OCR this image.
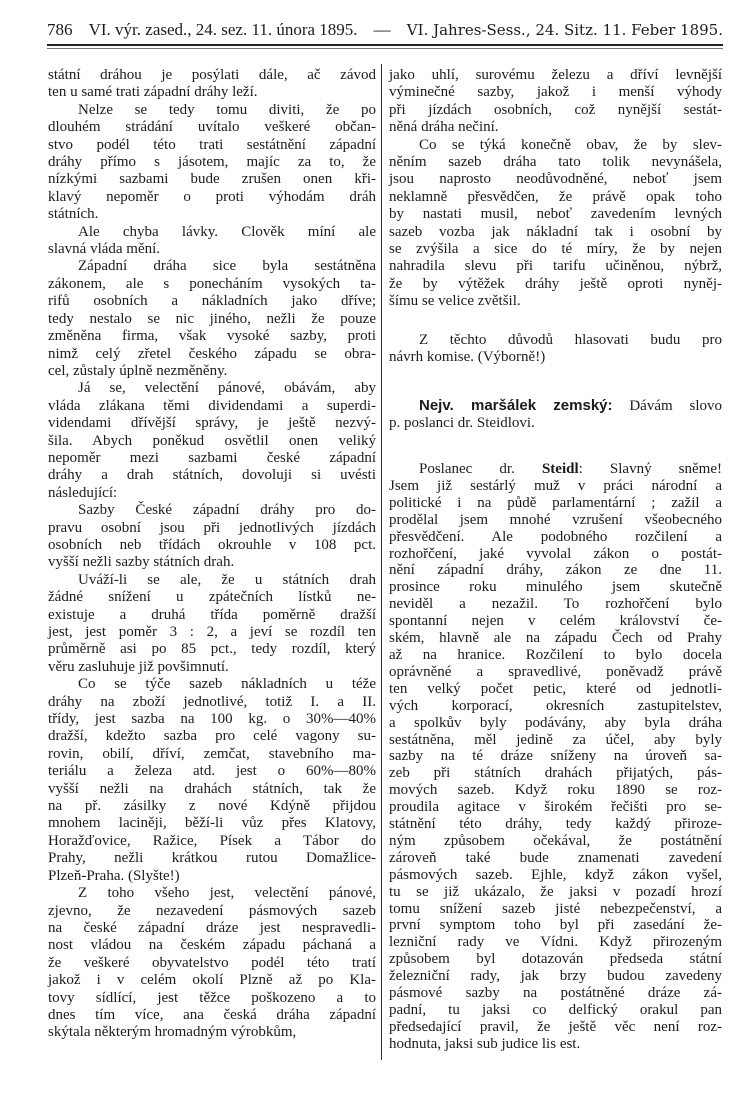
786 VI. výr. zased., 24. sez. 11. února 1895. — VI. Jahres-Sess., 24. Sitz. 11. Feber 1895.
státní dráhou je posýlati dále, ač závod
ten u samé trati západní dráhy leží.
Nelze se tedy tomu diviti, že po
dlouhém strádání uvítalo veškeré občan-
stvo podél této trati sestátnění západní
dráhy přímo s jásotem, majíc za to, že
nízkými sazbami bude zrušen onen kři-
klavý nepoměr o proti výhodám dráh
státních.
Ale chyba lávky. Clověk míní ale
slavná vláda mění.
Západní dráha sice byla sestátněna
zákonem, ale s ponecháním vysokých ta-
rifů osobních a nákladních jako dříve;
tedy nestalo se nic jiného, nežli že pouze
změněna firma, však vysoké sazby, proti
nimž celý zřetel českého západu se obra-
cel, zůstaly úplně nezměněny.
Já se, velectění pánové, obávám, aby
vláda zlákana těmi dividendami a superdi-
videndami dřívější správy, je ještě nezvý-
šila. Abych poněkud osvětlil onen veliký
nepoměr mezi sazbami české západní
dráhy a drah státních, dovoluji si uvésti
následující:
Sazby České západní dráhy pro do-
pravu osobní jsou při jednotlivých jízdách
osobních neb třídách okrouhle v 108 pct.
vyšší nežli sazby státních drah.
Uváží-li se ale, že u státních drah
žádné snížení u zpátečních lístků ne-
existuje a druhá třída poměrně dražší
jest, jest poměr 3 : 2, a jeví se rozdíl ten
průměrně asi po 85 pct., tedy rozdíl, který
věru zasluhuje již povšimnutí.
Co se týče sazeb nákladních u téže
dráhy na zboží jednotlivé, totiž I. a II.
třídy, jest sazba na 100 kg. o 30%—40%
dražší, kdežto sazba pro celé vagony su-
rovin, obilí, dříví, zemčat, stavebního ma-
teriálu a železa atd. jest o 60%—80%
vyšší nežli na drahách státních, tak že
na př. zásilky z nové Kdýně přijdou
mnohem laciněji, běží-li vůz přes Klatovy,
Horažďovice, Ražice, Písek a Tábor do
Prahy, nežli krátkou rutou Domažlice-
Plzeň-Praha. (Slyšte!)
Z toho všeho jest, velectění pánové,
zjevno, že nezavedení pásmových sazeb
na české západní dráze jest nespravedli-
nost vládou na českém západu páchaná a
že veškeré obyvatelstvo podél této tratí
jakož i v celém okolí Plzně až po Kla-
tovy sídlící, jest těžce poškozeno a to
dnes tím více, ana česká dráha západní
skýtala některým hromadným výrobkům,
jako uhlí, surovému železu a dříví levnější
výminečné sazby, jakož i menší výhody
při jízdách osobních, což nynější sestát-
něná dráha nečiní.
Co se týká konečně obav, že by slev-
něním sazeb dráha tato tolik nevynášela,
jsou naprosto neodůvodněné, neboť jsem
neklamně přesvědčen, že právě opak toho
by nastati musil, neboť zavedením levných
sazeb vozba jak nákladní tak i osobní by
se zvýšila a sice do té míry, že by nejen
nahradila slevu při tarifu učiněnou, nýbrž,
že by výtěžek dráhy ještě oproti nyněj-
šímu se velice zvětšil.
Z těchto důvodů hlasovati budu pro
návrh komise. (Výborně!)
Nejv. maršálek zemský: Dávám slovo
p. poslanci dr. Steidlovi.
Poslanec dr. Steidl: Slavný sněme!
Jsem již sestárlý muž v práci národní a
politické i na půdě parlamentární ; zažil a
prodělal jsem mnohé vzrušení všeobecného
přesvědčení. Ale podobného rozčilení a
rozhořčení, jaké vyvolal zákon o postát-
nění západní dráhy, zákon ze dne 11.
prosince roku minulého jsem skutečně
neviděl a nezažil. To rozhořčení bylo
spontanní nejen v celém království če-
ském, hlavně ale na západu Čech od Prahy
až na hranice. Rozčilení to bylo docela
oprávněné a spravedlivé, poněvadž právě
ten velký počet petic, které od jednotli-
vých korporací, okresních zastupitelstev,
a spolkův byly podávány, aby byla dráha
sestátněna, měl jedině za účel, aby byly
sazby na té dráze sníženy na úroveň sa-
zeb při státních drahách přijatých, pás-
mových sazeb. Když roku 1890 se roz-
proudila agitace v širokém řečišti pro se-
státnění této dráhy, tedy každý přiroze-
ným způsobem očekával, že postátnění
zároveň také bude znamenati zavedení
pásmových sazeb. Ejhle, když zákon vyšel,
tu se již ukázalo, že jaksi v pozadí hrozí
tomu snížení sazeb jisté nebezpečenství, a
první symptom toho byl při zasedání že-
lezniční rady ve Vídni. Když přirozeným
způsobem byl dotazován předseda státní
železniční rady, jak brzy budou zavedeny
pásmové sazby na postátněné dráze zá-
padní, tu jaksi co delfický orakul pan
předsedající pravil, že ještě věc není roz-
hodnuta, jaksi sub judice lis est.
